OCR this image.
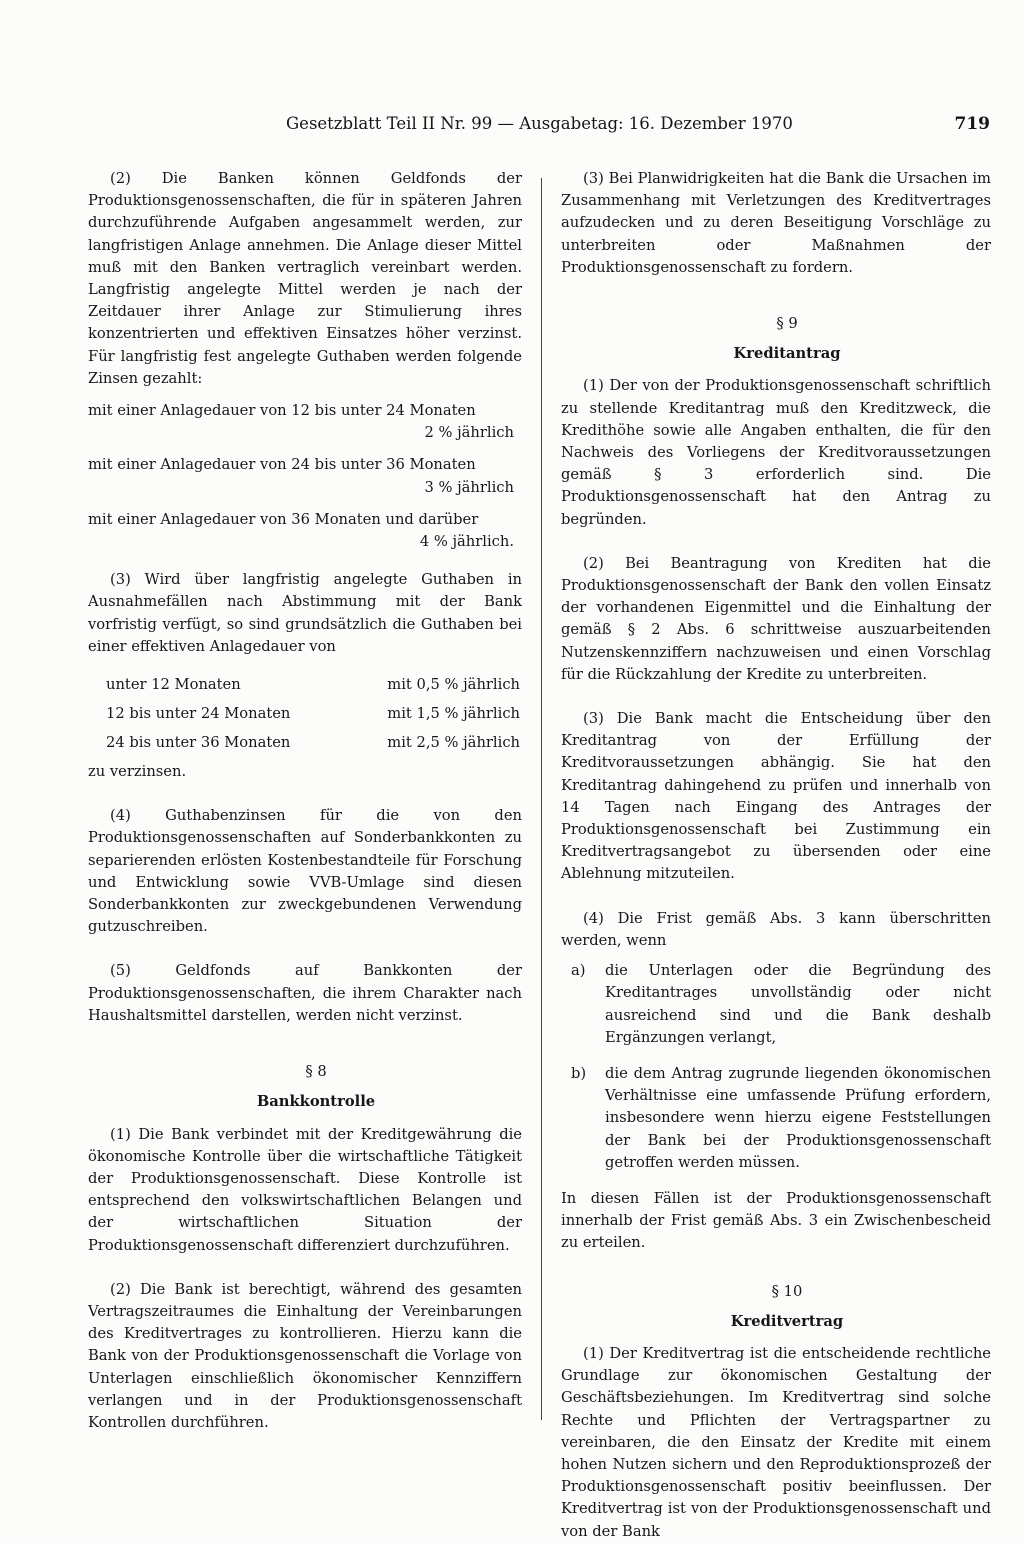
Gesetzblatt Teil II Nr. 99 — Ausgabetag: 16. Dezember 1970	719

(2) Die Banken können Geldfonds der Produktionsgenossenschaften, die für in späteren Jahren durchzuführende Aufgaben angesammelt werden, zur langfristigen Anlage annehmen. Die Anlage dieser Mittel muß mit den Banken vertraglich vereinbart werden. Langfristig angelegte Mittel werden je nach der Zeitdauer ihrer Anlage zur Stimulierung ihres konzentrierten und effektiven Einsatzes höher verzinst. Für langfristig fest angelegte Guthaben werden folgende Zinsen gezahlt:

mit einer Anlagedauer von 12 bis unter 24 Monaten

2 % jährlich

mit einer Anlagedauer von 24 bis unter 36 Monaten

3 % jährlich

mit einer Anlagedauer von 36 Monaten und darüber

4 % jährlich.

(3) Wird über langfristig angelegte Guthaben in Ausnahmefällen nach Abstimmung mit der Bank vorfristig verfügt, so sind grundsätzlich die Guthaben bei einer effektiven Anlagedauer von

unter 12 Monaten	mit 0,5 % jährlich
12 bis unter 24 Monaten	mit 1,5 % jährlich
24 bis unter 36 Monaten	mit 2,5 % jährlich

zu verzinsen.

(4) Guthabenzinsen für die von den Produktionsgenossenschaften auf Sonderbankkonten zu separierenden erlösten Kostenbestandteile für Forschung und Entwicklung sowie VVB-Umlage sind diesen Sonderbankkonten zur zweckgebundenen Verwendung gutzuschreiben.

(5) Geldfonds auf Bankkonten der Produktionsgenossenschaften, die ihrem Charakter nach Haushaltsmittel darstellen, werden nicht verzinst.

§ 8

Bankkontrolle

(1) Die Bank verbindet mit der Kreditgewährung die ökonomische Kontrolle über die wirtschaftliche Tätigkeit der Produktionsgenossenschaft. Diese Kontrolle ist entsprechend den volkswirtschaftlichen Belangen und der wirtschaftlichen Situation der Produktionsgenossenschaft differenziert durchzuführen.

(2) Die Bank ist berechtigt, während des gesamten Vertragszeitraumes die Einhaltung der Vereinbarungen des Kreditvertrages zu kontrollieren. Hierzu kann die Bank von der Produktionsgenossenschaft die Vorlage von Unterlagen einschließlich ökonomischer Kennziffern verlangen und in der Produktionsgenossenschaft Kontrollen durchführen.

(3) Bei Planwidrigkeiten hat die Bank die Ursachen im Zusammenhang mit Verletzungen des Kreditvertrages aufzudecken und zu deren Beseitigung Vorschläge zu unterbreiten oder Maßnahmen der Produktionsgenossenschaft zu fordern.

§ 9

Kreditantrag

(1) Der von der Produktionsgenossenschaft schriftlich zu stellende Kreditantrag muß den Kreditzweck, die Kredithöhe sowie alle Angaben enthalten, die für den Nachweis des Vorliegens der Kreditvoraussetzungen gemäß § 3 erforderlich sind. Die Produktionsgenossenschaft hat den Antrag zu begründen.

(2) Bei Beantragung von Krediten hat die Produktionsgenossenschaft der Bank den vollen Einsatz der vorhandenen Eigenmittel und die Einhaltung der gemäß § 2 Abs. 6 schrittweise auszuarbeitenden Nutzenskennziffern nachzuweisen und einen Vorschlag für die Rückzahlung der Kredite zu unterbreiten.

(3) Die Bank macht die Entscheidung über den Kreditantrag von der Erfüllung der Kreditvoraussetzungen abhängig. Sie hat den Kreditantrag dahingehend zu prüfen und innerhalb von 14 Tagen nach Eingang des Antrages der Produktionsgenossenschaft bei Zustimmung ein Kreditvertragsangebot zu übersenden oder eine Ablehnung mitzuteilen.

(4) Die Frist gemäß Abs. 3 kann überschritten werden, wenn

a)	die Unterlagen oder die Begründung des Kreditantrages unvollständig oder nicht ausreichend sind und die Bank deshalb Ergänzungen verlangt,
b)	die dem Antrag zugrunde liegenden ökonomischen Verhältnisse eine umfassende Prüfung erfordern, insbesondere wenn hierzu eigene Feststellungen der Bank bei der Produktionsgenossenschaft getroffen werden müssen.

In diesen Fällen ist der Produktionsgenossenschaft innerhalb der Frist gemäß Abs. 3 ein Zwischenbescheid zu erteilen.

§ 10

Kreditvertrag

(1) Der Kreditvertrag ist die entscheidende rechtliche Grundlage zur ökonomischen Gestaltung der Geschäftsbeziehungen. Im Kreditvertrag sind solche Rechte und Pflichten der Vertragspartner zu vereinbaren, die den Einsatz der Kredite mit einem hohen Nutzen sichern und den Reproduktionsprozeß der Produktionsgenossenschaft positiv beeinflussen. Der Kreditvertrag ist von der Produktionsgenossenschaft und von der Bank
